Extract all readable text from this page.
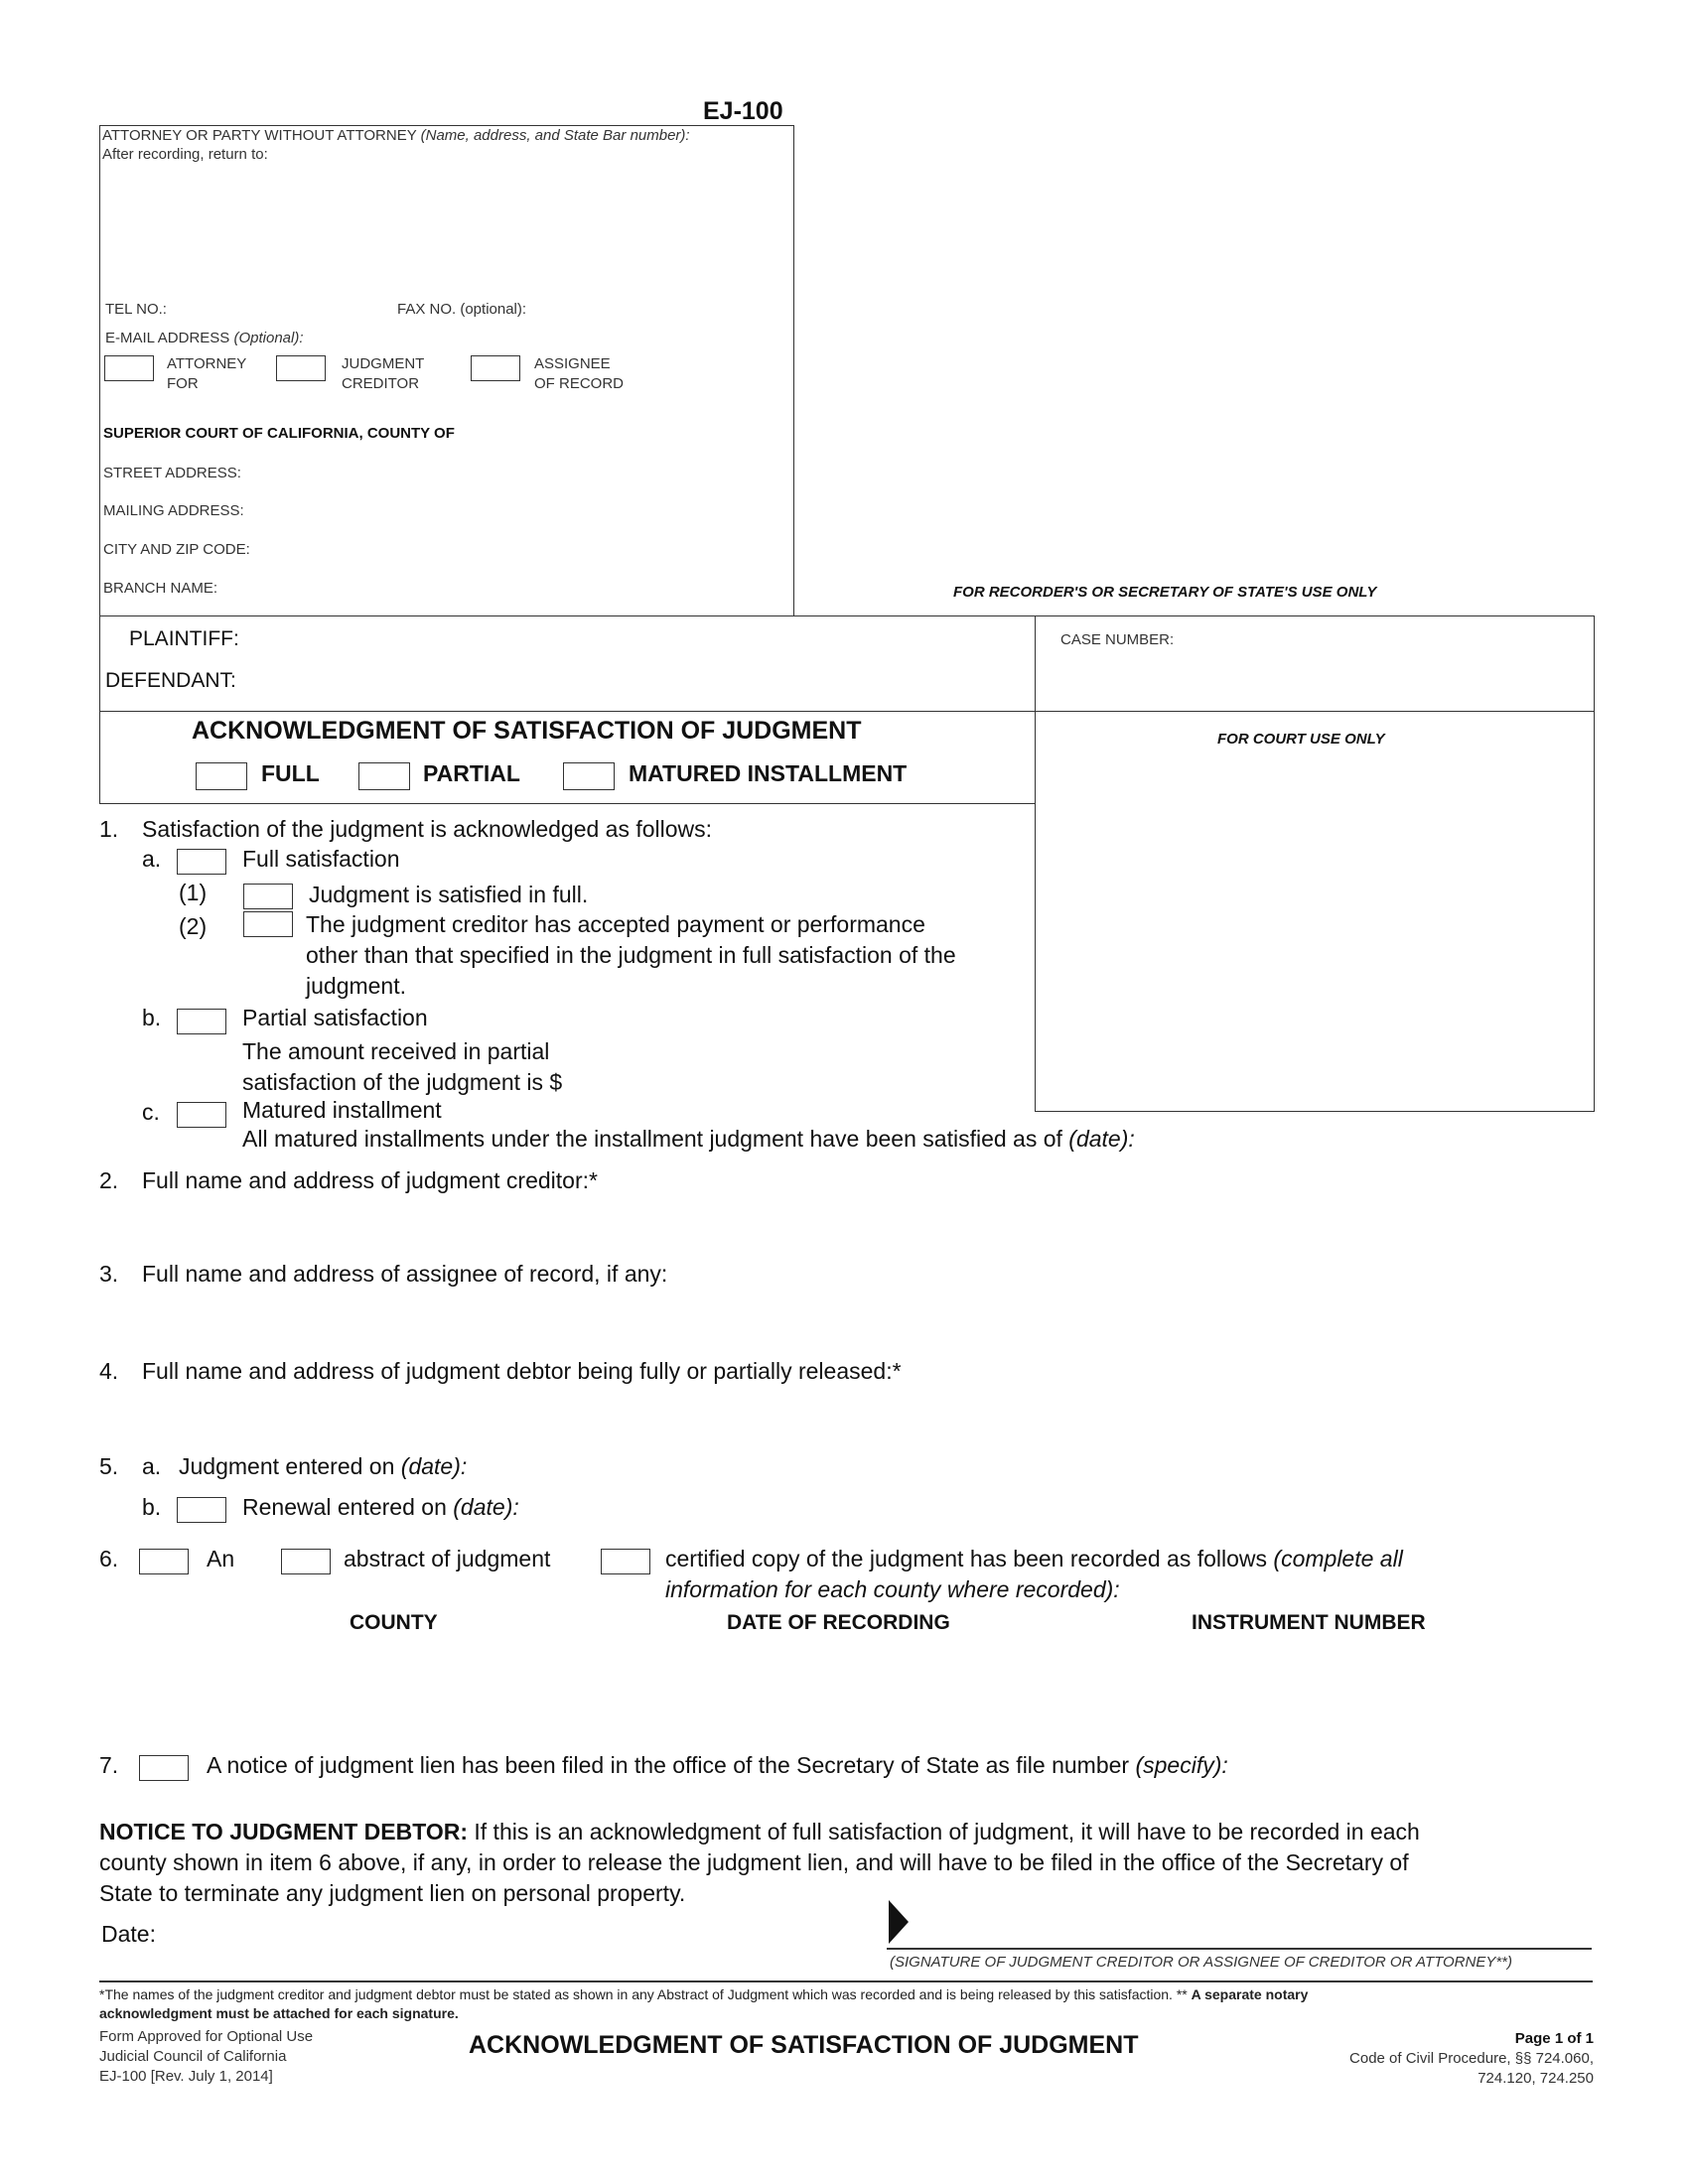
EJ-100
ATTORNEY OR PARTY WITHOUT ATTORNEY (Name, address, and State Bar number):
After recording, return to:
TEL NO.:	FAX NO. (optional):
E-MAIL ADDRESS (Optional):
ATTORNEY
FOR
JUDGMENT
CREDITOR
ASSIGNEE
OF RECORD
SUPERIOR COURT OF CALIFORNIA, COUNTY OF
STREET ADDRESS:
MAILING ADDRESS:
CITY AND ZIP CODE:
BRANCH NAME:	FOR RECORDER'S OR SECRETARY OF STATE'S USE ONLY
PLAINTIFF:
DEFENDANT:
CASE NUMBER:
ACKNOWLEDGMENT OF SATISFACTION OF JUDGMENT
FULL	PARTIAL	MATURED INSTALLMENT
FOR COURT USE ONLY
1. Satisfaction of the judgment is acknowledged as follows:
a.	Full satisfaction
(1)	Judgment is satisfied in full.
(2)	The judgment creditor has accepted payment or performance
other than that specified in the judgment in full satisfaction of the
judgment.
b.	Partial satisfaction
The amount received in partial
satisfaction of the judgment is $
c.	Matured installment
All matured installments under the installment judgment have been satisfied as of (date):
2. Full name and address of judgment creditor:*
3. Full name and address of assignee of record, if any:
4. Full name and address of judgment debtor being fully or partially released:*
5. a. Judgment entered on (date):
b.	Renewal entered on (date):
6.	An	abstract of judgment	certified copy of the judgment has been recorded as follows (complete all
information for each county where recorded):
COUNTY	DATE OF RECORDING	INSTRUMENT NUMBER
7.	A notice of judgment lien has been filed in the office of the Secretary of State as file number (specify):
NOTICE TO JUDGMENT DEBTOR: If this is an acknowledgment of full satisfaction of judgment, it will have to be recorded in each
county shown in item 6 above, if any, in order to release the judgment lien, and will have to be filed in the office of the Secretary of
State to terminate any judgment lien on personal property.
Date:
(SIGNATURE OF JUDGMENT CREDITOR OR ASSIGNEE OF CREDITOR OR ATTORNEY**)
*The names of the judgment creditor and judgment debtor must be stated as shown in any Abstract of Judgment which was recorded and is being released by this satisfaction. ** A separate notary
acknowledgment must be attached for each signature.
Form Approved for Optional Use
Judicial Council of California
EJ-100 [Rev. July 1, 2014]
ACKNOWLEDGMENT OF SATISFACTION OF JUDGMENT	Page 1 of 1
Code of Civil Procedure, §§ 724.060,
724.120, 724.250
